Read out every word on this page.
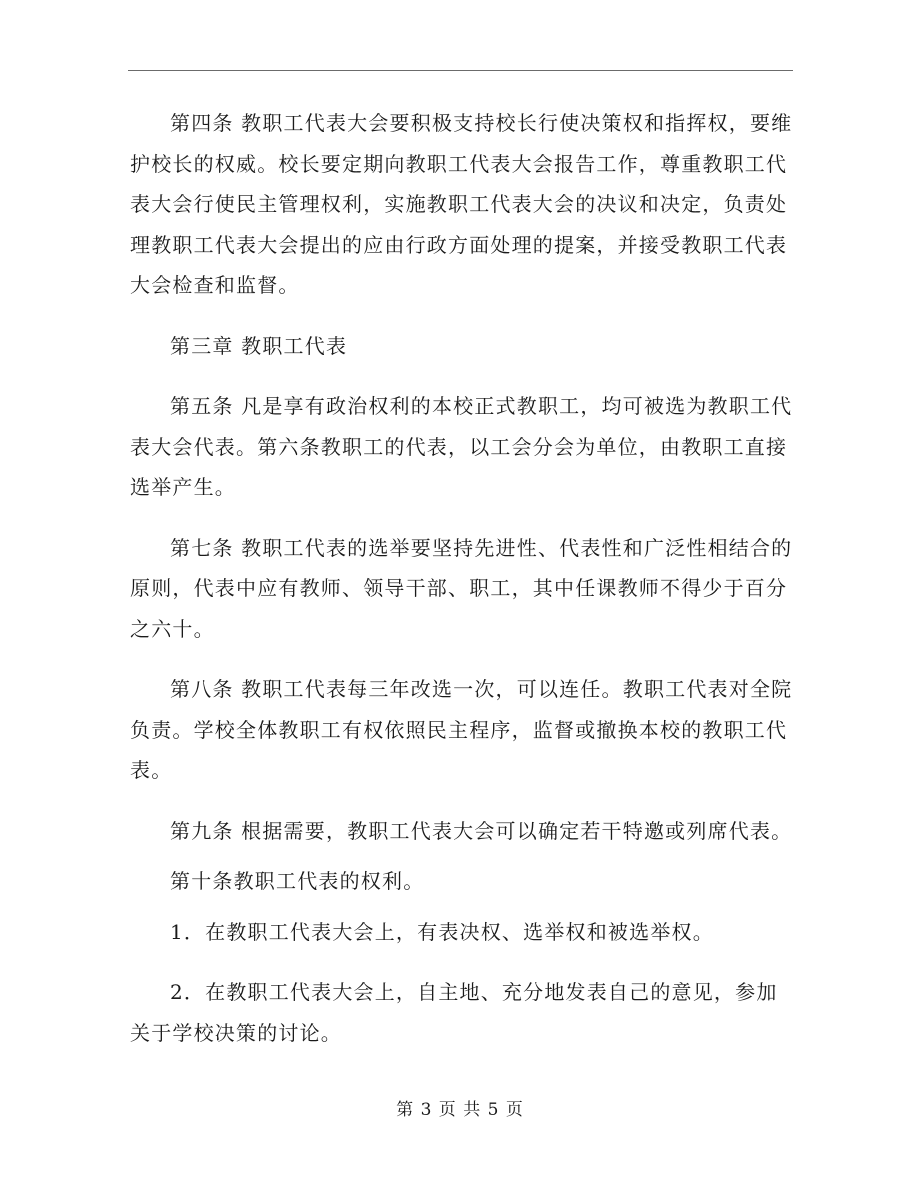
第四条 教职工代表大会要积极支持校长行使决策权和指挥权，要维护校长的权威。校长要定期向教职工代表大会报告工作，尊重教职工代表大会行使民主管理权利，实施教职工代表大会的决议和决定，负责处理教职工代表大会提出的应由行政方面处理的提案，并接受教职工代表大会检查和监督。

第三章 教职工代表

第五条 凡是享有政治权利的本校正式教职工，均可被选为教职工代表大会代表。第六条教职工的代表，以工会分会为单位，由教职工直接选举产生。

第七条 教职工代表的选举要坚持先进性、代表性和广泛性相结合的原则，代表中应有教师、领导干部、职工，其中任课教师不得少于百分之六十。

第八条 教职工代表每三年改选一次，可以连任。教职工代表对全院负责。学校全体教职工有权依照民主程序，监督或撤换本校的教职工代表。

第九条 根据需要，教职工代表大会可以确定若干特邀或列席代表。

第十条教职工代表的权利。

1．在教职工代表大会上，有表决权、选举权和被选举权。

2．在教职工代表大会上，自主地、充分地发表自己的意见，参加关于学校决策的讨论。

第 3 页 共 5 页
